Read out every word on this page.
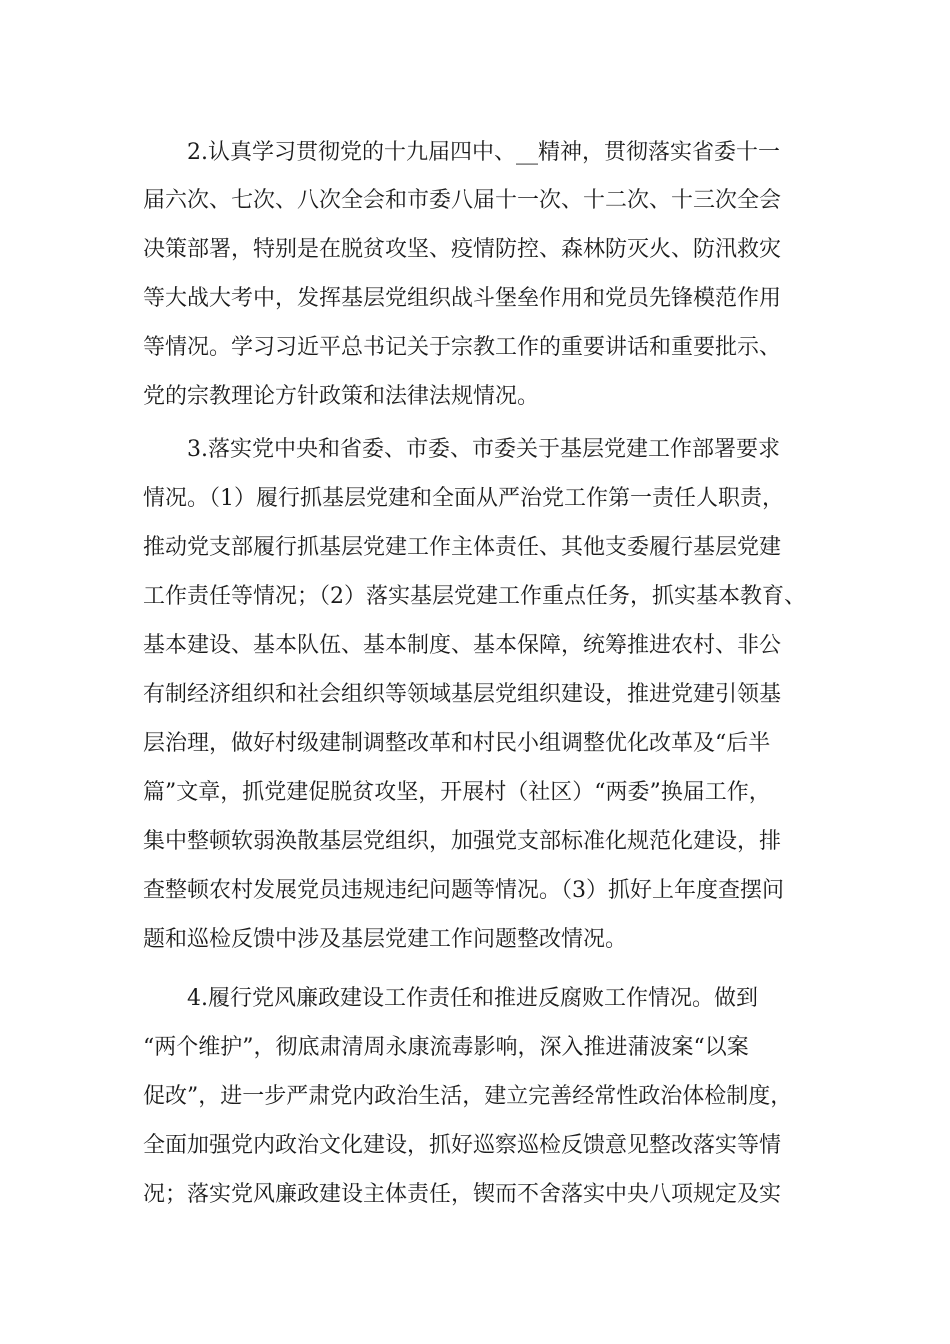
2.认真学习贯彻党的十九届四中、__精神，贯彻落实省委十一
届六次、七次、八次全会和市委八届十一次、十二次、十三次全会
决策部署，特别是在脱贫攻坚、疫情防控、森林防灭火、防汛救灾
等大战大考中，发挥基层党组织战斗堡垒作用和党员先锋模范作用
等情况。学习习近平总书记关于宗教工作的重要讲话和重要批示、
党的宗教理论方针政策和法律法规情况。
3.落实党中央和省委、市委、市委关于基层党建工作部署要求
情况。（1）履行抓基层党建和全面从严治党工作第一责任人职责，
推动党支部履行抓基层党建工作主体责任、其他支委履行基层党建
工作责任等情况；（2）落实基层党建工作重点任务，抓实基本教育、
基本建设、基本队伍、基本制度、基本保障，统筹推进农村、非公
有制经济组织和社会组织等领域基层党组织建设，推进党建引领基
层治理，做好村级建制调整改革和村民小组调整优化改革及“后半
篇”文章，抓党建促脱贫攻坚，开展村（社区）“两委”换届工作，
集中整顿软弱涣散基层党组织，加强党支部标准化规范化建设，排
查整顿农村发展党员违规违纪问题等情况。（3）抓好上年度查摆问
题和巡检反馈中涉及基层党建工作问题整改情况。
4.履行党风廉政建设工作责任和推进反腐败工作情况。做到
“两个维护”，彻底肃清周永康流毒影响，深入推进蒲波案“以案
促改”，进一步严肃党内政治生活，建立完善经常性政治体检制度，
全面加强党内政治文化建设，抓好巡察巡检反馈意见整改落实等情
况；落实党风廉政建设主体责任，锲而不舍落实中央八项规定及实
